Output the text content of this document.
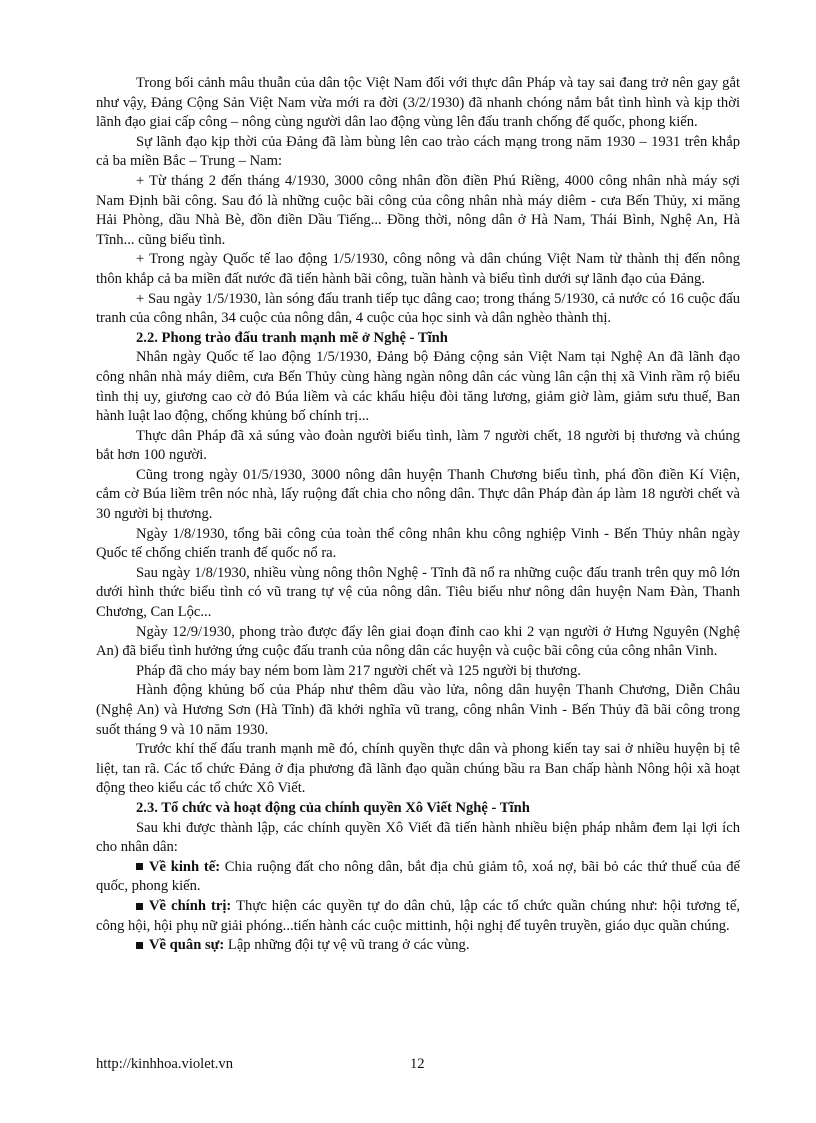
Trong bối cảnh mâu thuẫn của dân tộc Việt Nam đối với thực dân Pháp và tay sai đang trở nên gay gắt như vậy, Đảng Cộng Sản Việt Nam vừa mới ra đời (3/2/1930) đã nhanh chóng nắm bắt tình hình và kịp thời lãnh đạo giai cấp công – nông cùng người dân lao động vùng lên đấu tranh chống đế quốc, phong kiến.

Sự lãnh đạo kịp thời của Đảng đã làm bùng lên cao trào cách mạng trong năm 1930 – 1931 trên khắp cả ba miền Bắc – Trung – Nam:

+ Từ tháng 2 đến tháng 4/1930, 3000 công nhân đồn điền Phú Riềng, 4000 công nhân nhà máy sợi Nam Định bãi công. Sau đó là những cuộc bãi công của công nhân nhà máy diêm - cưa Bến Thủy, xi măng Hải Phòng, dầu Nhà Bè, đồn điền Dầu Tiếng... Đồng thời, nông dân ở Hà Nam, Thái Bình, Nghệ An, Hà Tĩnh... cũng biểu tình.

+ Trong ngày Quốc tế lao động 1/5/1930, công nông và dân chúng Việt Nam từ thành thị đến nông thôn khắp cả ba miền đất nước đã tiến hành bãi công, tuần hành và biểu tình dưới sự lãnh đạo của Đảng.

+ Sau ngày 1/5/1930, làn sóng đấu tranh tiếp tục dâng cao; trong tháng 5/1930, cả nước có 16 cuộc đấu tranh của công nhân, 34 cuộc của nông dân, 4 cuộc của học sinh và dân nghèo thành thị.

2.2. Phong trào đấu tranh mạnh mẽ ở Nghệ - Tĩnh

Nhân ngày Quốc tế lao động 1/5/1930, Đảng bộ Đảng cộng sản Việt Nam tại Nghệ An đã lãnh đạo công nhân nhà máy diêm, cưa Bến Thủy cùng hàng ngàn nông dân các vùng lân cận thị xã Vinh rầm rộ biểu tình thị uy, giương cao cờ đỏ Búa liềm và các khẩu hiệu đòi tăng lương, giảm giờ làm, giảm sưu thuế, Ban hành luật lao động, chống khủng bố chính trị...

Thực dân Pháp đã xả súng vào đoàn người biểu tình, làm 7 người chết, 18 người bị thương và chúng bắt hơn 100 người.

Cũng trong ngày 01/5/1930, 3000 nông dân huyện Thanh Chương biểu tình, phá đồn điền Kí Viện, cắm cờ Búa liềm trên nóc nhà, lấy ruộng đất chia cho nông dân. Thực dân Pháp đàn áp làm 18 người chết và 30 người bị thương.

Ngày 1/8/1930, tổng bãi công của toàn thể công nhân khu công nghiệp Vinh - Bến Thủy nhân ngày Quốc tế chống chiến tranh đế quốc nổ ra.

Sau ngày 1/8/1930, nhiều vùng nông thôn Nghệ - Tĩnh đã nổ ra những cuộc đấu tranh trên quy mô lớn dưới hình thức biểu tình có vũ trang tự vệ của nông dân. Tiêu biểu như nông dân huyện Nam Đàn, Thanh Chương, Can Lộc...

Ngày 12/9/1930, phong trào được đẩy lên giai đoạn đỉnh cao khi 2 vạn người ở Hưng Nguyên (Nghệ An) đã biểu tình hưởng ứng cuộc đấu tranh của nông dân các huyện và cuộc bãi công của công nhân Vinh.

Pháp đã cho máy bay ném bom làm 217 người chết và 125 người bị thương.

Hành động khủng bố của Pháp như thêm dầu vào lửa, nông dân huyện Thanh Chương, Diễn Châu (Nghệ An) và Hương Sơn (Hà Tĩnh) đã khởi nghĩa vũ trang, công nhân Vinh - Bến Thủy đã bãi công trong suốt tháng 9 và 10 năm 1930.

Trước khí thế đấu tranh mạnh mẽ đó, chính quyền thực dân và phong kiến tay sai ở nhiều huyện bị tê liệt, tan rã. Các tổ chức Đảng ở địa phương đã lãnh đạo quần chúng bầu ra Ban chấp hành Nông hội xã hoạt động theo kiểu các tổ chức Xô Viết.

2.3. Tổ chức và hoạt động của chính quyền Xô Viết Nghệ - Tĩnh

Sau khi được thành lập, các chính quyền Xô Viết đã tiến hành nhiều biện pháp nhằm đem lại lợi ích cho nhân dân:

Về kinh tế: Chia ruộng đất cho nông dân, bắt địa chủ giảm tô, xoá nợ, bãi bỏ các thứ thuế của đế quốc, phong kiến.

Về chính trị: Thực hiện các quyền tự do dân chủ, lập các tổ chức quần chúng như: hội tương tế, công hội, hội phụ nữ giải phóng...tiến hành các cuộc mittinh, hội nghị để tuyên truyền, giáo dục quần chúng.

Về quân sự: Lập những đội tự vệ vũ trang ở các vùng.

http://kinhhoa.violet.vn	12
